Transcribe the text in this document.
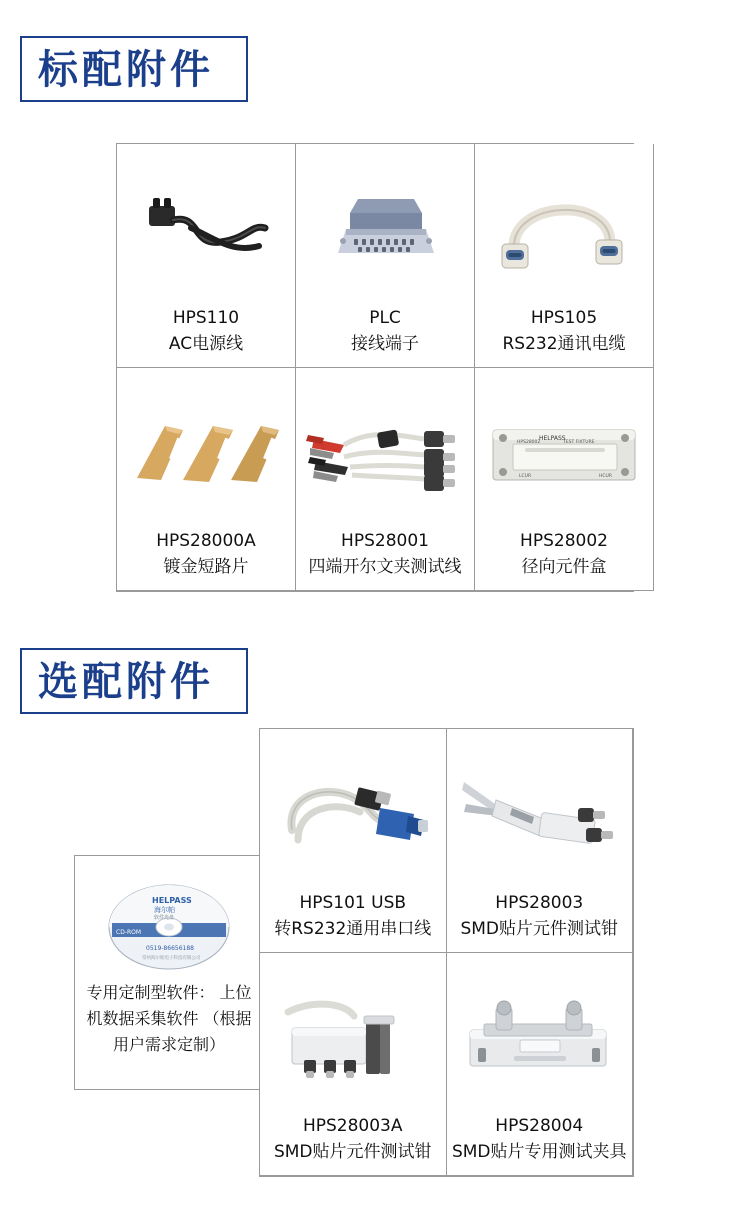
标配附件
HPS110
AC电源线
PLC
接线端子
HPS105
RS232通讯电缆
HPS28000A
镀金短路片
HPS28001
四端开尔文夹测试线
HELPASS
HPS28002	TEST FIXTURE
LCUR	HCUR
HPS28002
径向元件盒
选配附件
HELPASS
海尔帕
软件光盘
CD-ROM
0519-86656188
常州海尔帕电子科技有限公司
专用定制型软件： 上位机数据采集软件 （根据用户需求定制）
HPS101 USB
转RS232通用串口线
HPS28003
SMD贴片元件测试钳
HPS28003A
SMD贴片元件测试钳
HPS28004
SMD贴片专用测试夹具
